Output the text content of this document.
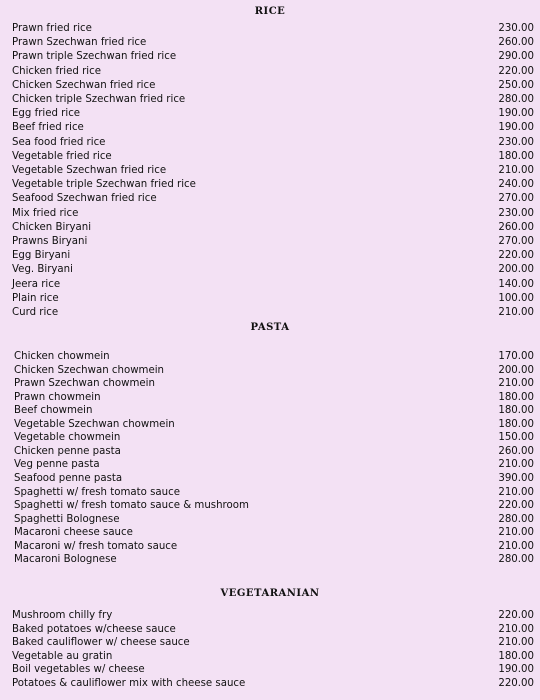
RICE
Prawn fried rice	230.00
Prawn Szechwan fried rice	260.00
Prawn triple Szechwan fried rice	290.00
Chicken fried rice	220.00
Chicken Szechwan fried rice	250.00
Chicken triple Szechwan fried rice	280.00
Egg fried rice	190.00
Beef fried rice	190.00
Sea food fried rice	230.00
Vegetable fried rice	180.00
Vegetable Szechwan fried rice	210.00
Vegetable triple Szechwan fried rice	240.00
Seafood Szechwan fried rice	270.00
Mix fried rice	230.00
Chicken Biryani	260.00
Prawns Biryani	270.00
Egg Biryani	220.00
Veg. Biryani	200.00
Jeera rice	140.00
Plain rice	100.00
Curd rice	210.00
PASTA
Chicken chowmein	170.00
Chicken Szechwan chowmein	200.00
Prawn Szechwan chowmein	210.00
Prawn chowmein	180.00
Beef chowmein	180.00
Vegetable Szechwan chowmein	180.00
Vegetable chowmein	150.00
Chicken penne pasta	260.00
Veg penne pasta	210.00
Seafood penne pasta	390.00
Spaghetti w/ fresh tomato sauce	210.00
Spaghetti w/ fresh tomato sauce & mushroom	220.00
Spaghetti Bolognese	280.00
Macaroni cheese sauce	210.00
Macaroni w/ fresh tomato sauce	210.00
Macaroni Bolognese	280.00
VEGETARANIAN
Mushroom chilly fry	220.00
Baked potatoes w/cheese sauce	210.00
Baked cauliflower w/ cheese sauce	210.00
Vegetable au gratin	180.00
Boil vegetables w/ cheese	190.00
Potatoes & cauliflower mix with cheese sauce	220.00
